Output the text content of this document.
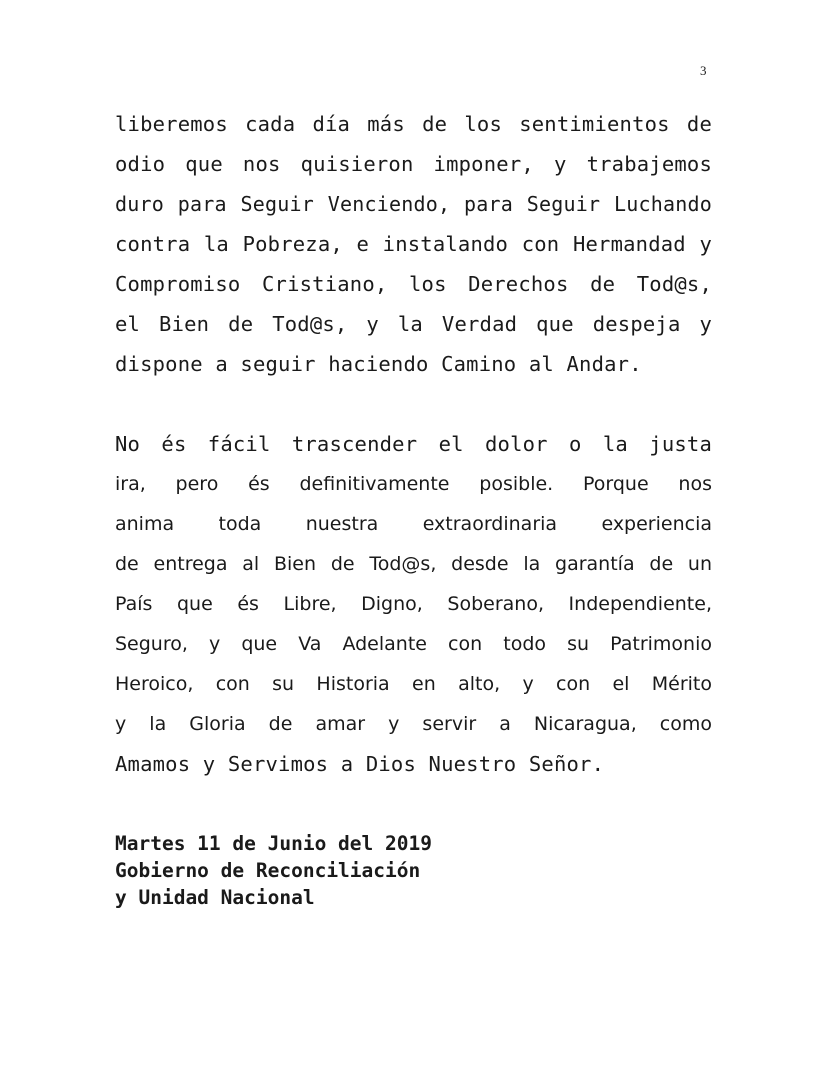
3
liberemos cada día más de los sentimientos de
odio que nos quisieron imponer, y trabajemos
duro para Seguir Venciendo, para Seguir Luchando
contra la Pobreza, e instalando con Hermandad y
Compromiso Cristiano, los Derechos de Tod@s,
el Bien de Tod@s, y la Verdad que despeja y
dispone a seguir haciendo Camino al Andar.
No és fácil trascender el dolor o la justa
ira, pero és definitivamente posible. Porque nos
anima toda nuestra extraordinaria experiencia
de entrega al Bien de Tod@s, desde la garantía de un
País que és Libre, Digno, Soberano, Independiente,
Seguro, y que Va Adelante con todo su Patrimonio
Heroico, con su Historia en alto, y con el Mérito
y la Gloria de amar y servir a Nicaragua, como
Amamos y Servimos a Dios Nuestro Señor.
Martes 11 de Junio del 2019
Gobierno de Reconciliación
y Unidad Nacional
